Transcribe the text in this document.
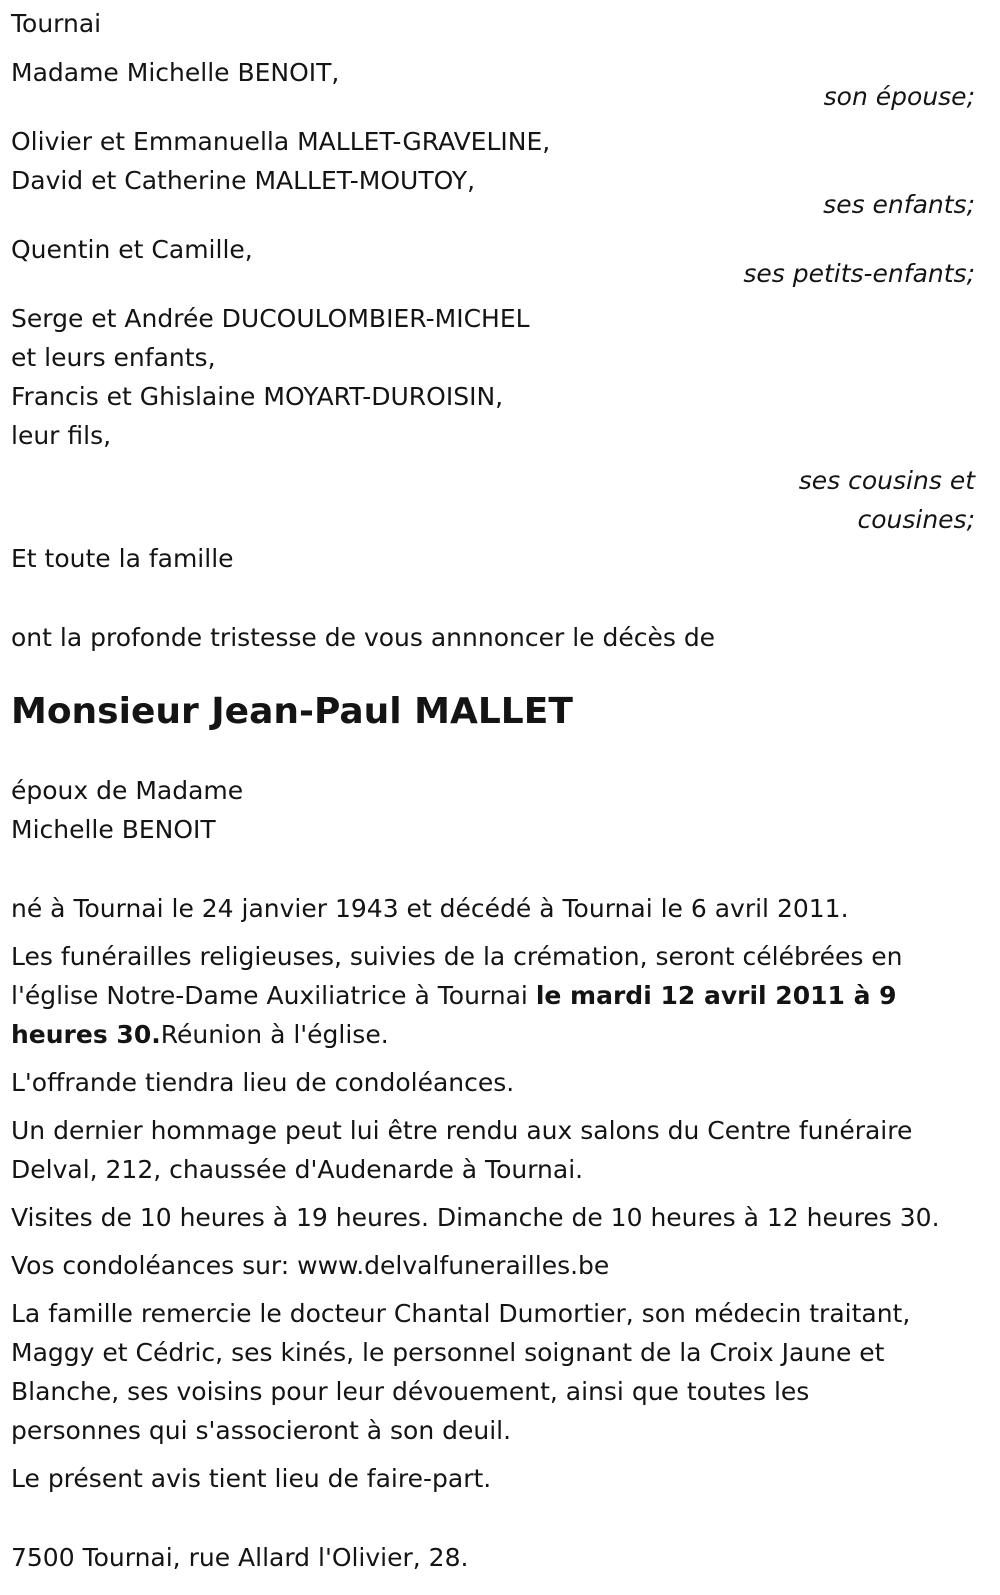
Tournai
Madame Michelle BENOIT,
son épouse;
Olivier et Emmanuella MALLET-GRAVELINE,
David et Catherine MALLET-MOUTOY,
ses enfants;
Quentin et Camille,
ses petits-enfants;
Serge et Andrée DUCOULOMBIER-MICHEL
et leurs enfants,
Francis et Ghislaine MOYART-DUROISIN,
leur fils,
ses cousins et
cousines;
Et toute la famille
ont la profonde tristesse de vous annnoncer le décès de
Monsieur Jean-Paul MALLET
époux de Madame
Michelle BENOIT
né à Tournai le 24 janvier 1943 et décédé à Tournai le 6 avril 2011.
Les funérailles religieuses, suivies de la crémation, seront célébrées en
l'église Notre-Dame Auxiliatrice à Tournai le mardi 12 avril 2011 à 9
heures 30.Réunion à l'église.
L'offrande tiendra lieu de condoléances.
Un dernier hommage peut lui être rendu aux salons du Centre funéraire
Delval, 212, chaussée d'Audenarde à Tournai.
Visites de 10 heures à 19 heures. Dimanche de 10 heures à 12 heures 30.
Vos condoléances sur: www.delvalfunerailles.be
La famille remercie le docteur Chantal Dumortier, son médecin traitant,
Maggy et Cédric, ses kinés, le personnel soignant de la Croix Jaune et
Blanche, ses voisins pour leur dévouement, ainsi que toutes les
personnes qui s'associeront à son deuil.
Le présent avis tient lieu de faire-part.
7500 Tournai, rue Allard l'Olivier, 28.
